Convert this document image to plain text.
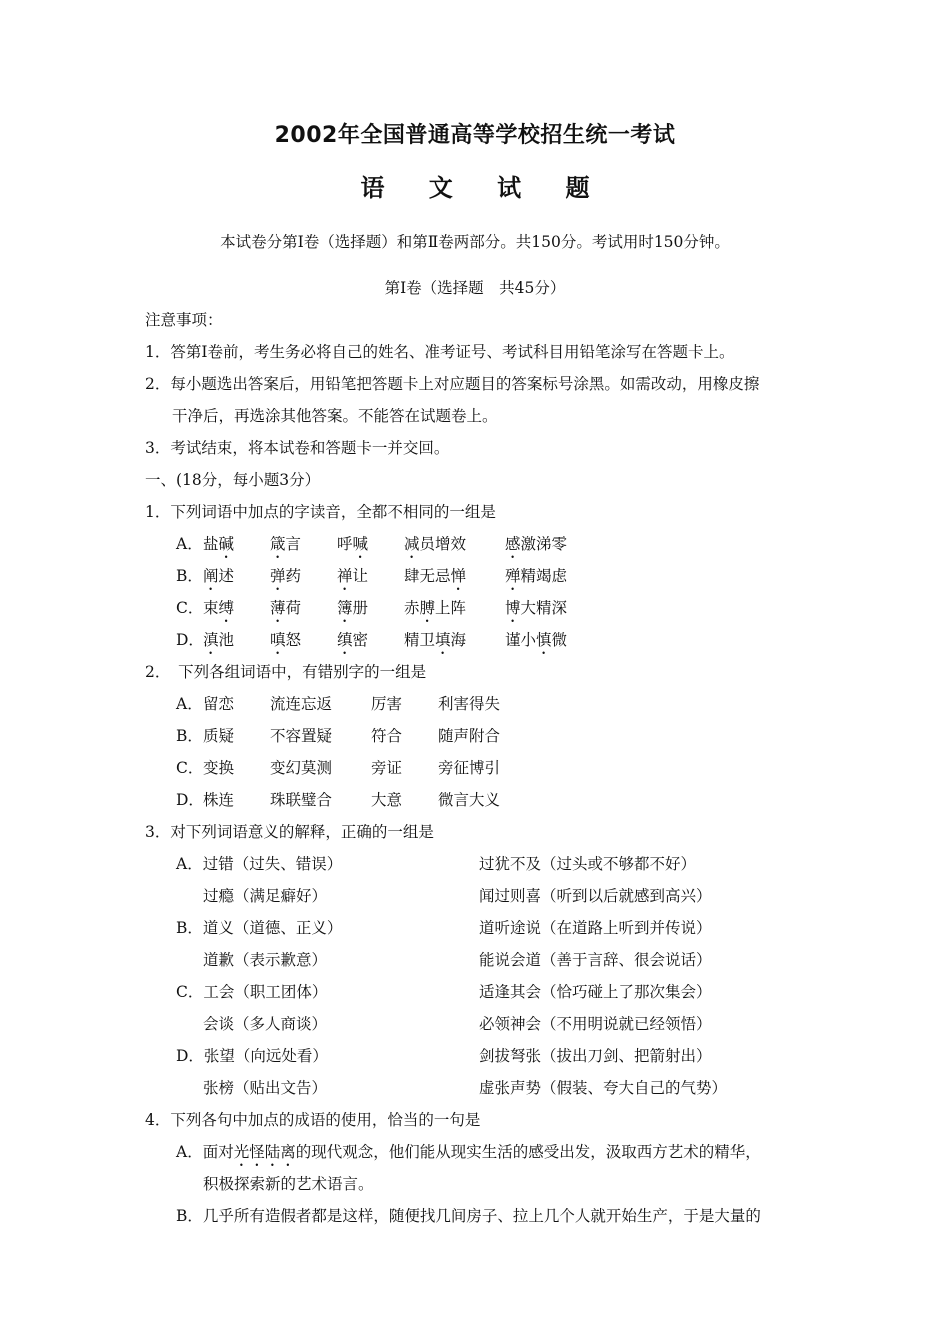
2002年全国普通高等学校招生统一考试
语 文 试 题
本试卷分第Ⅰ卷（选择题）和第Ⅱ卷两部分。共150分。考试用时150分钟。
第Ⅰ卷（选择题　共45分）
注意事项：
1．答第Ⅰ卷前，考生务必将自己的姓名、准考证号、考试科目用铅笔涂写在答题卡上。
2．每小题选出答案后，用铅笔把答题卡上对应题目的答案标号涂黑。如需改动，用橡皮擦
干净后，再选涂其他答案。不能答在试题卷上。
3．考试结束，将本试卷和答题卡一并交回。
一、(18分，每小题3分）
1．下列词语中加点的字读音，全都不相同的一组是
A． 盐碱 箴言 呼喊 减员增效	感激涕零
B． 阐述 弹药 禅让 肆无忌惮	殚精竭虑
C． 束缚 薄荷 簿册 赤膊上阵	博大精深
D． 滇池 嗔怒 缜密 精卫填海	谨小慎微
2．　下列各组词语中，有错别字的一组是
A． 留恋 流连忘返	厉害 利害得失
B． 质疑 不容置疑	符合 随声附合
C． 变换 变幻莫测	旁证 旁征博引
D． 株连 珠联璧合	大意 微言大义
3．对下列词语意义的解释，正确的一组是
A．过错（过失、错误）	过犹不及（过头或不够都不好）
过瘾（满足癖好）	闻过则喜（听到以后就感到高兴）
B．道义（道德、正义）	道听途说（在道路上听到并传说）
道歉（表示歉意）	能说会道（善于言辞、很会说话）
C．工会（职工团体）	适逢其会（恰巧碰上了那次集会）
会谈（多人商谈）	必领神会（不用明说就已经领悟）
D．张望（向远处看）	剑拔弩张（拔出刀剑、把箭射出）
张榜（贴出文告）	虚张声势（假装、夸大自己的气势）
4．下列各句中加点的成语的使用，恰当的一句是
A．面对光怪陆离的现代观念，他们能从现实生活的感受出发，汲取西方艺术的精华，
积极探索新的艺术语言。
B．几乎所有造假者都是这样，随便找几间房子、拉上几个人就开始生产，于是大量的
